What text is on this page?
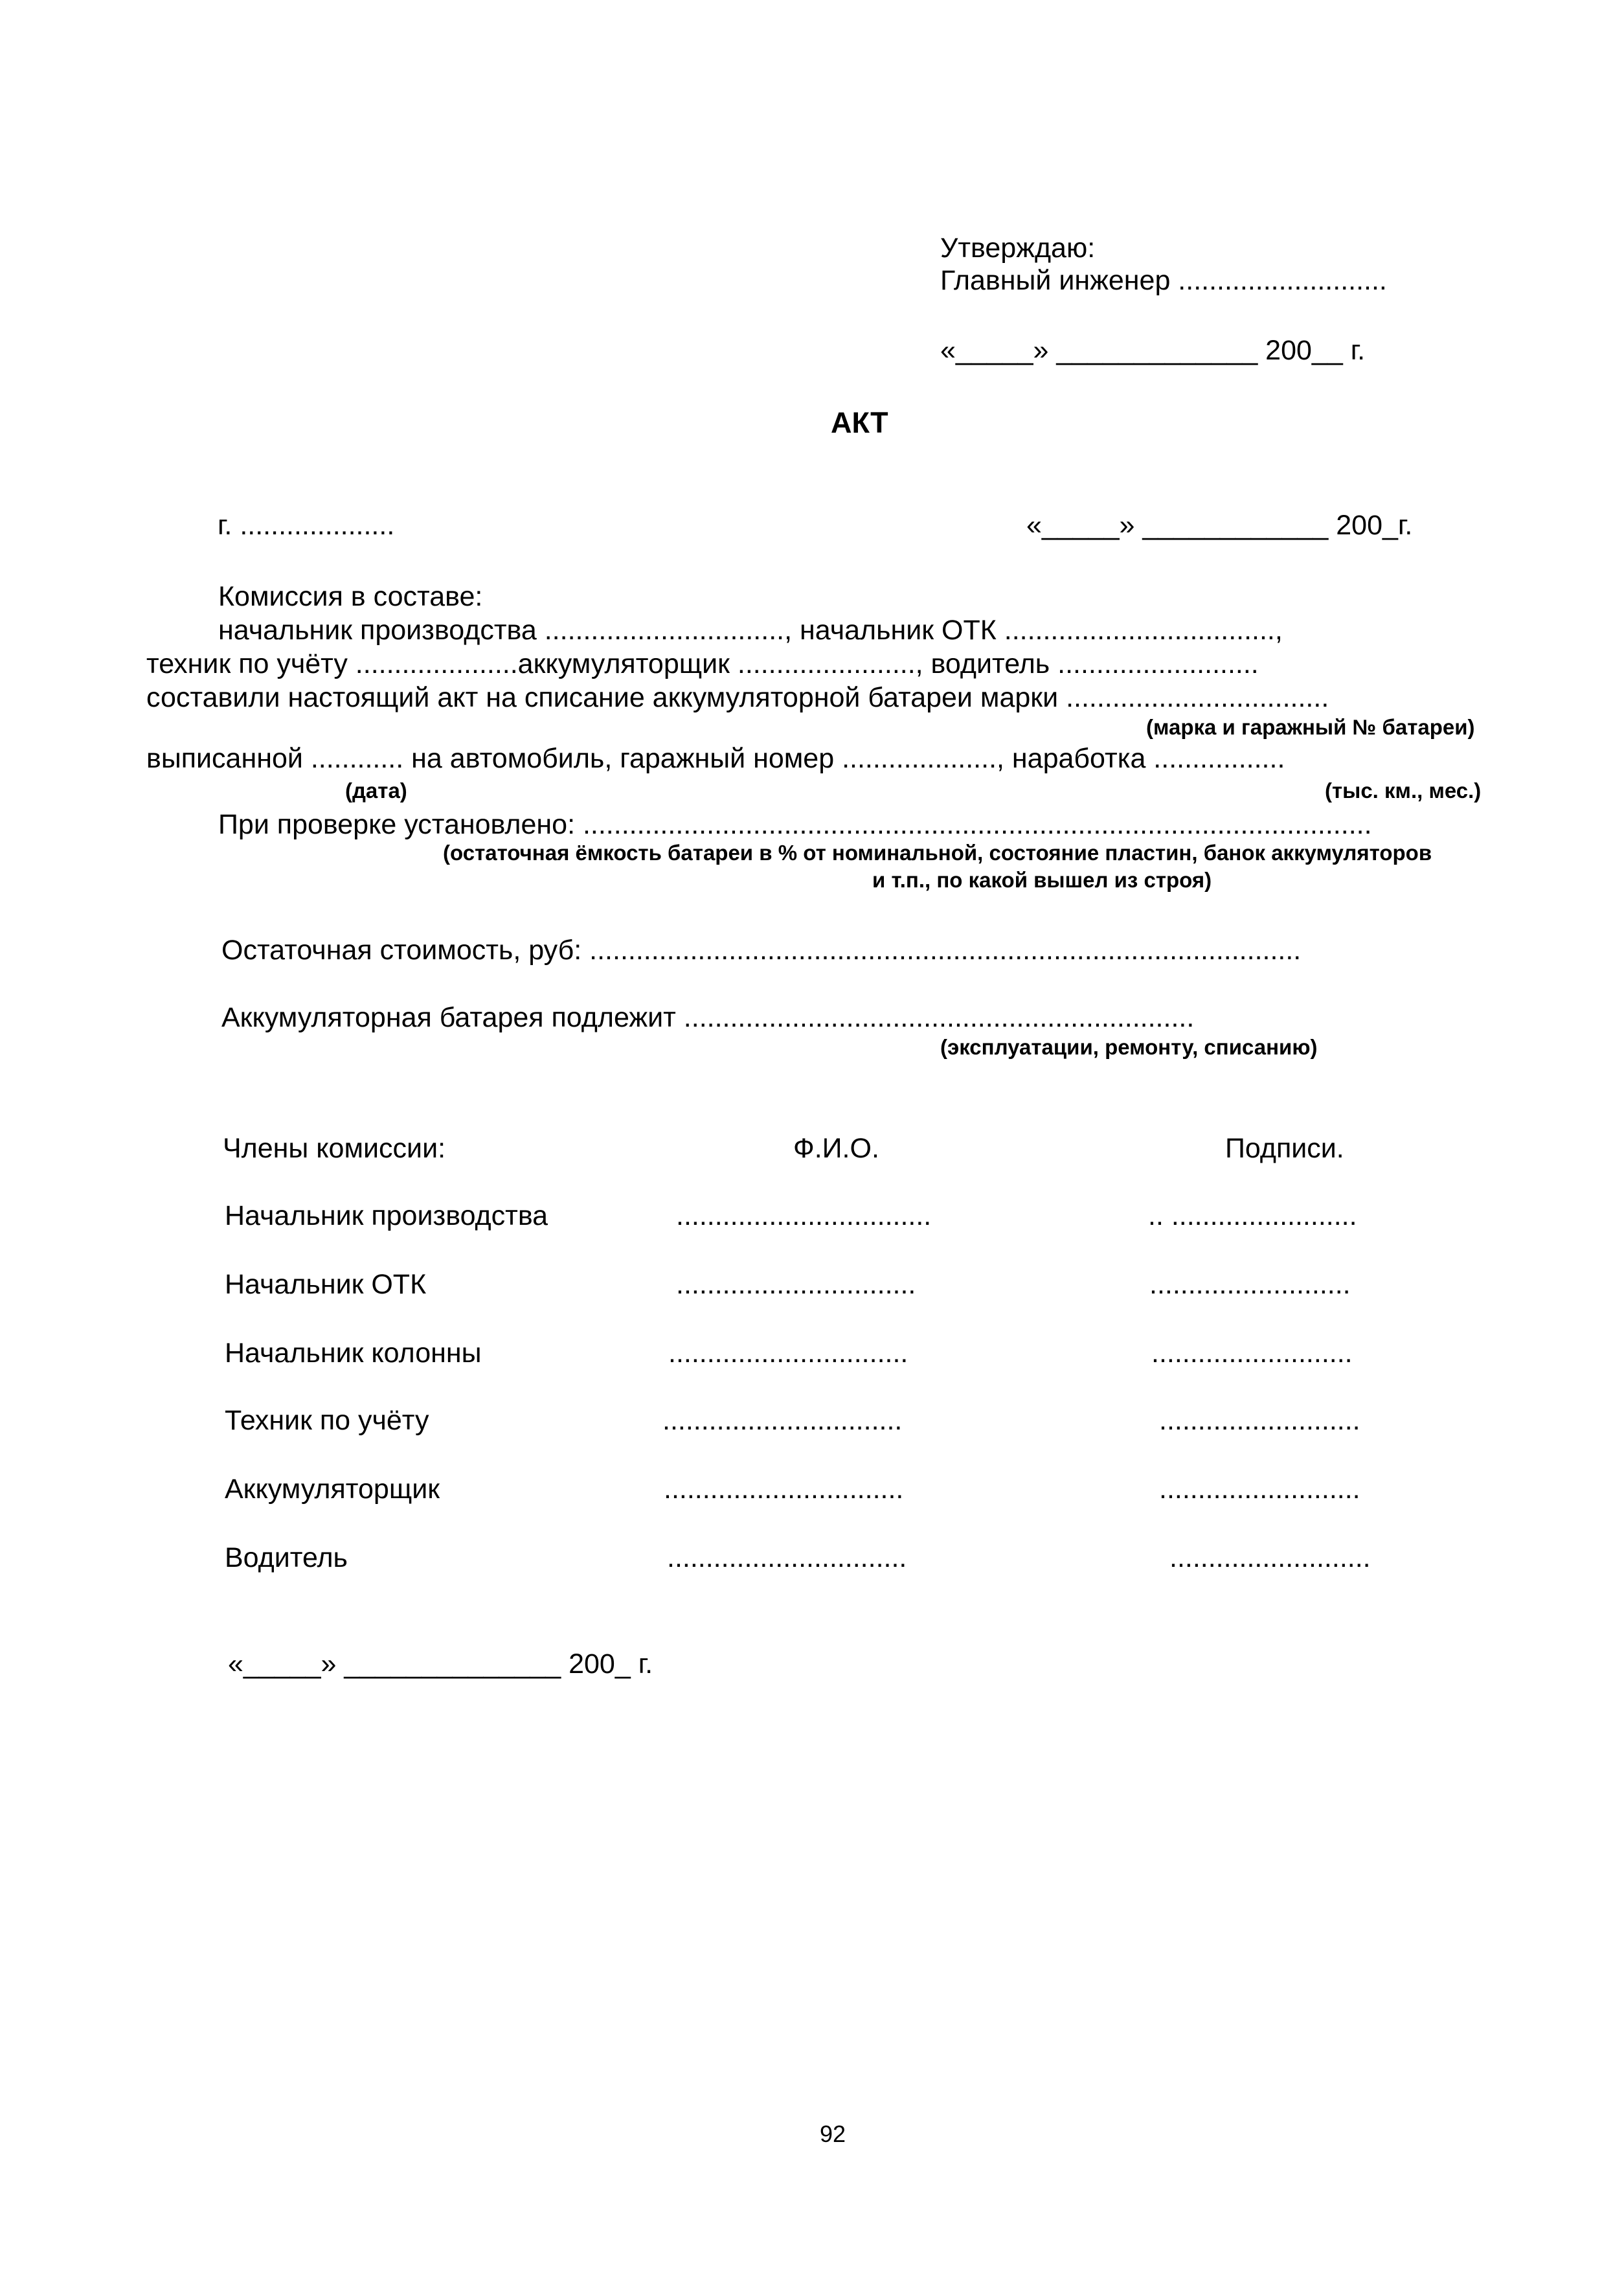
Утверждаю:
Главный инженер ...........................
«_____» _____________ 200__ г.
АКТ
г. ....................	«_____» ____________ 200_г.
Комиссия в составе:
начальник производства ..............................., начальник ОТК ...................................,
техник по учёту .....................аккумуляторщик ......................., водитель ..........................
составили настоящий акт на списание аккумуляторной батареи марки ..................................
(марка и гаражный № батареи)
выписанной ............ на автомобиль, гаражный номер ...................., наработка .................
(дата)	(тыс. км., мес.)
При проверке установлено: ......................................................................................................
(остаточная ёмкость батареи в % от номинальной, состояние пластин, банок аккумуляторов
и т.п., по какой вышел из строя)
Остаточная стоимость, руб: ............................................................................................
Аккумуляторная батарея подлежит ..................................................................
(эксплуатации, ремонту, списанию)
Члены комиссии:	Ф.И.О.	Подписи.
Начальник производства	.................................	.. ........................
Начальник ОТК	...............................	..........................
Начальник колонны	...............................	..........................
Техник по учёту	...............................	..........................
Аккумуляторщик	...............................	..........................
Водитель	...............................	..........................
«_____» ______________ 200_ г.
92
